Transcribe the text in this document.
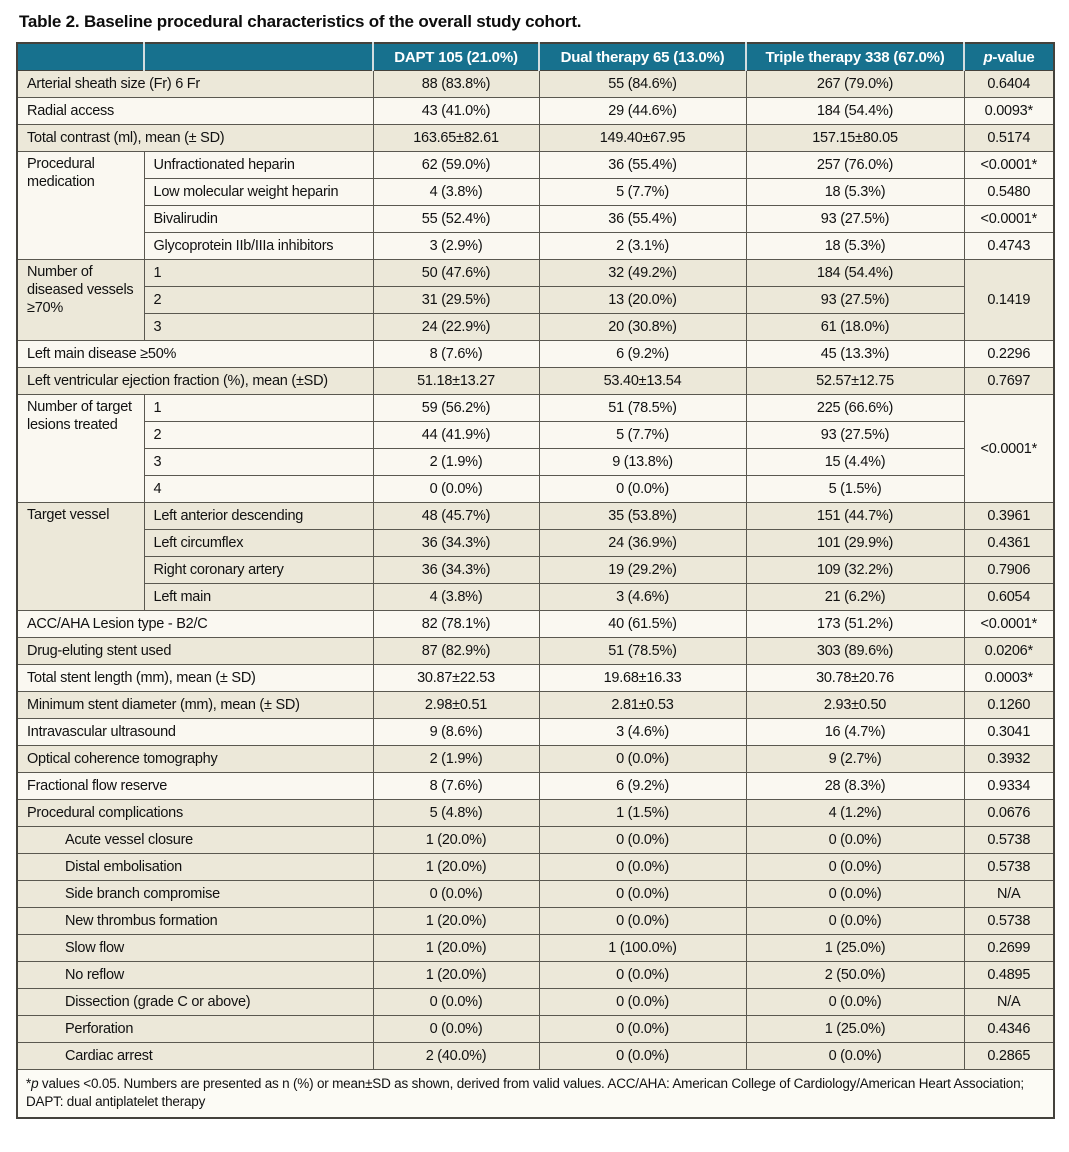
Table 2. Baseline procedural characteristics of the overall study cohort.
		DAPT 105 (21.0%)	Dual therapy 65 (13.0%)	Triple therapy 338 (67.0%)	p-value
Arterial sheath size (Fr) 6 Fr		88 (83.8%)	55 (84.6%)	267 (79.0%)	0.6404
Radial access		43 (41.0%)	29 (44.6%)	184 (54.4%)	0.0093*
Total contrast (ml), mean (± SD)		163.65±82.61	149.40±67.95	157.15±80.05	0.5174
Procedural medication	Unfractionated heparin	62 (59.0%)	36 (55.4%)	257 (76.0%)	<0.0001*
	Low molecular weight heparin	4 (3.8%)	5 (7.7%)	18 (5.3%)	0.5480
	Bivalirudin	55 (52.4%)	36 (55.4%)	93 (27.5%)	<0.0001*
	Glycoprotein IIb/IIIa inhibitors	3 (2.9%)	2 (3.1%)	18 (5.3%)	0.4743
Number of diseased vessels ≥70%	1	50 (47.6%)	32 (49.2%)	184 (54.4%)	0.1419
	2	31 (29.5%)	13 (20.0%)	93 (27.5%)	
	3	24 (22.9%)	20 (30.8%)	61 (18.0%)	
Left main disease ≥50%		8 (7.6%)	6 (9.2%)	45 (13.3%)	0.2296
Left ventricular ejection fraction (%), mean (±SD)		51.18±13.27	53.40±13.54	52.57±12.75	0.7697
Number of target lesions treated	1	59 (56.2%)	51 (78.5%)	225 (66.6%)	<0.0001*
	2	44 (41.9%)	5 (7.7%)	93 (27.5%)	
	3	2 (1.9%)	9 (13.8%)	15 (4.4%)	
	4	0 (0.0%)	0 (0.0%)	5 (1.5%)	
Target vessel	Left anterior descending	48 (45.7%)	35 (53.8%)	151 (44.7%)	0.3961
	Left circumflex	36 (34.3%)	24 (36.9%)	101 (29.9%)	0.4361
	Right coronary artery	36 (34.3%)	19 (29.2%)	109 (32.2%)	0.7906
	Left main	4 (3.8%)	3 (4.6%)	21 (6.2%)	0.6054
ACC/AHA Lesion type - B2/C		82 (78.1%)	40 (61.5%)	173 (51.2%)	<0.0001*
Drug-eluting stent used		87 (82.9%)	51 (78.5%)	303 (89.6%)	0.0206*
Total stent length (mm), mean (± SD)		30.87±22.53	19.68±16.33	30.78±20.76	0.0003*
Minimum stent diameter (mm), mean (± SD)		2.98±0.51	2.81±0.53	2.93±0.50	0.1260
Intravascular ultrasound		9 (8.6%)	3 (4.6%)	16 (4.7%)	0.3041
Optical coherence tomography		2 (1.9%)	0 (0.0%)	9 (2.7%)	0.3932
Fractional flow reserve		8 (7.6%)	6 (9.2%)	28 (8.3%)	0.9334
Procedural complications		5 (4.8%)	1 (1.5%)	4 (1.2%)	0.0676
Acute vessel closure		1 (20.0%)	0 (0.0%)	0 (0.0%)	0.5738
Distal embolisation		1 (20.0%)	0 (0.0%)	0 (0.0%)	0.5738
Side branch compromise		0 (0.0%)	0 (0.0%)	0 (0.0%)	N/A
New thrombus formation		1 (20.0%)	0 (0.0%)	0 (0.0%)	0.5738
Slow flow		1 (20.0%)	1 (100.0%)	1 (25.0%)	0.2699
No reflow		1 (20.0%)	0 (0.0%)	2 (50.0%)	0.4895
Dissection (grade C or above)		0 (0.0%)	0 (0.0%)	0 (0.0%)	N/A
Perforation		0 (0.0%)	0 (0.0%)	1 (25.0%)	0.4346
Cardiac arrest		2 (40.0%)	0 (0.0%)	0 (0.0%)	0.2865
*p values <0.05. Numbers are presented as n (%) or mean±SD as shown, derived from valid values. ACC/AHA: American College of Cardiology/American Heart Association; DAPT: dual antiplatelet therapy					
